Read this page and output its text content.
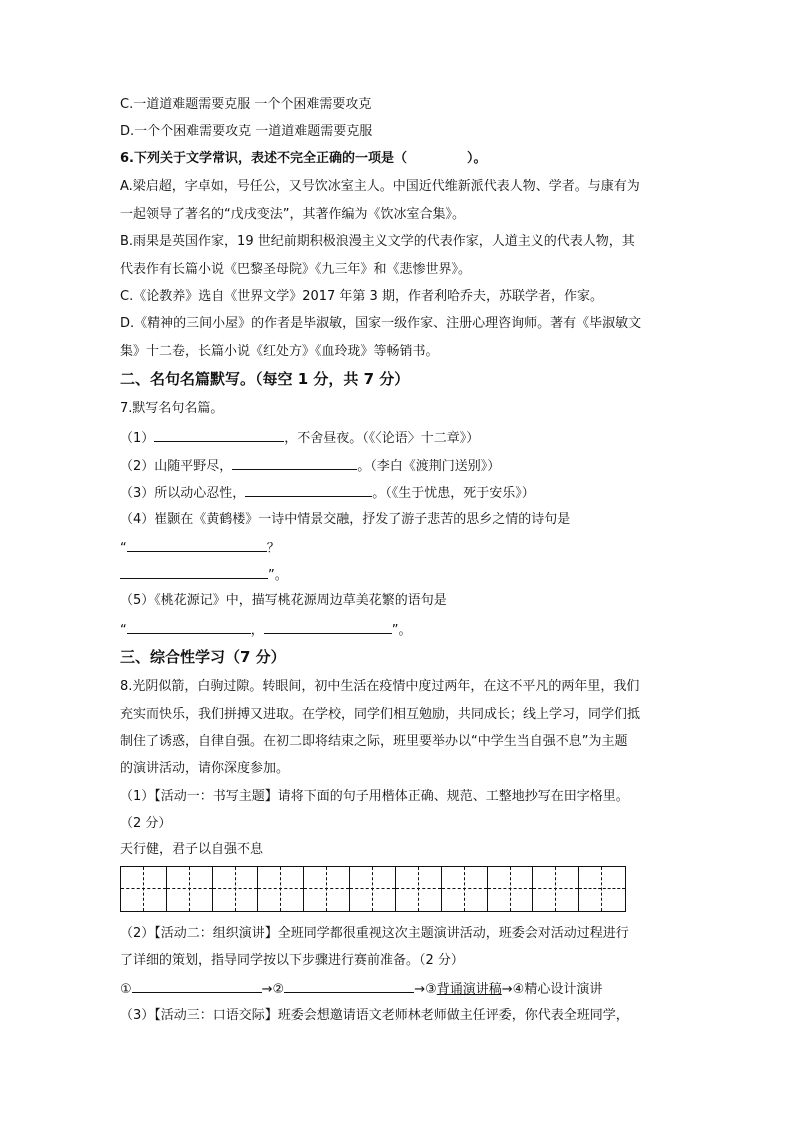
C.一道道难题需要克服 一个个困难需要攻克
D.一个个困难需要攻克 一道道难题需要克服
6.下列关于文学常识，表述不完全正确的一项是（	）。
A.梁启超，字卓如，号任公，又号饮冰室主人。中国近代维新派代表人物、学者。与康有为
一起领导了著名的“戊戌变法”，其著作编为《饮冰室合集》。
B.雨果是英国作家，19 世纪前期积极浪漫主义文学的代表作家，人道主义的代表人物，其
代表作有长篇小说《巴黎圣母院》《九三年》和《悲惨世界》。
C.《论教养》选自《世界文学》2017 年第 3 期，作者利哈乔夫，苏联学者，作家。
D.《精神的三间小屋》的作者是毕淑敏，国家一级作家、注册心理咨询师。著有《毕淑敏文
集》十二卷，长篇小说《红处方》《血玲珑》等畅销书。
二、名句名篇默写。（每空 1 分，共 7 分）
7.默写名句名篇。
（1）	，不舍昼夜。（《〈论语〉十二章》）
（2）山随平野尽，	。（李白《渡荆门送别》）
（3）所以动心忍性，	。（《生于忧患，死于安乐》）
（4）崔颢在《黄鹤楼》一诗中情景交融，抒发了游子悲苦的思乡之情的诗句是
“	？
”。
（5）《桃花源记》中，描写桃花源周边草美花繁的语句是
“	，	”。
三、综合性学习（7 分）
8.光阴似箭，白驹过隙。转眼间，初中生活在疫情中度过两年，在这不平凡的两年里，我们
充实而快乐，我们拼搏又进取。在学校，同学们相互勉励，共同成长；线上学习，同学们抵
制住了诱惑，自律自强。在初二即将结束之际，班里要举办以“中学生当自强不息”为主题
的演讲活动，请你深度参加。
（1）【活动一：书写主题】请将下面的句子用楷体正确、规范、工整地抄写在田字格里。
（2 分）
天行健，君子以自强不息
（2）【活动二：组织演讲】全班同学都很重视这次主题演讲活动，班委会对活动过程进行
了详细的策划，指导同学按以下步骤进行赛前准备。（2 分）
①	→②	→③背诵演讲稿→④精心设计演讲
（3）【活动三：口语交际】班委会想邀请语文老师林老师做主任评委，你代表全班同学，
